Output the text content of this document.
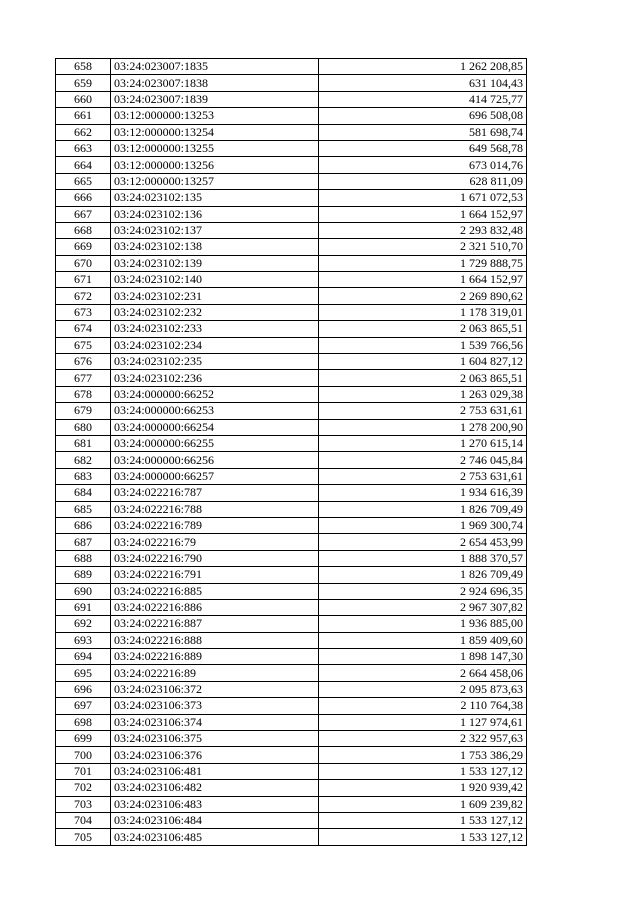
658	03:24:023007:1835	1 262 208,85
659	03:24:023007:1838	631 104,43
660	03:24:023007:1839	414 725,77
661	03:12:000000:13253	696 508,08
662	03:12:000000:13254	581 698,74
663	03:12:000000:13255	649 568,78
664	03:12:000000:13256	673 014,76
665	03:12:000000:13257	628 811,09
666	03:24:023102:135	1 671 072,53
667	03:24:023102:136	1 664 152,97
668	03:24:023102:137	2 293 832,48
669	03:24:023102:138	2 321 510,70
670	03:24:023102:139	1 729 888,75
671	03:24:023102:140	1 664 152,97
672	03:24:023102:231	2 269 890,62
673	03:24:023102:232	1 178 319,01
674	03:24:023102:233	2 063 865,51
675	03:24:023102:234	1 539 766,56
676	03:24:023102:235	1 604 827,12
677	03:24:023102:236	2 063 865,51
678	03:24:000000:66252	1 263 029,38
679	03:24:000000:66253	2 753 631,61
680	03:24:000000:66254	1 278 200,90
681	03:24:000000:66255	1 270 615,14
682	03:24:000000:66256	2 746 045,84
683	03:24:000000:66257	2 753 631,61
684	03:24:022216:787	1 934 616,39
685	03:24:022216:788	1 826 709,49
686	03:24:022216:789	1 969 300,74
687	03:24:022216:79	2 654 453,99
688	03:24:022216:790	1 888 370,57
689	03:24:022216:791	1 826 709,49
690	03:24:022216:885	2 924 696,35
691	03:24:022216:886	2 967 307,82
692	03:24:022216:887	1 936 885,00
693	03:24:022216:888	1 859 409,60
694	03:24:022216:889	1 898 147,30
695	03:24:022216:89	2 664 458,06
696	03:24:023106:372	2 095 873,63
697	03:24:023106:373	2 110 764,38
698	03:24:023106:374	1 127 974,61
699	03:24:023106:375	2 322 957,63
700	03:24:023106:376	1 753 386,29
701	03:24:023106:481	1 533 127,12
702	03:24:023106:482	1 920 939,42
703	03:24:023106:483	1 609 239,82
704	03:24:023106:484	1 533 127,12
705	03:24:023106:485	1 533 127,12
